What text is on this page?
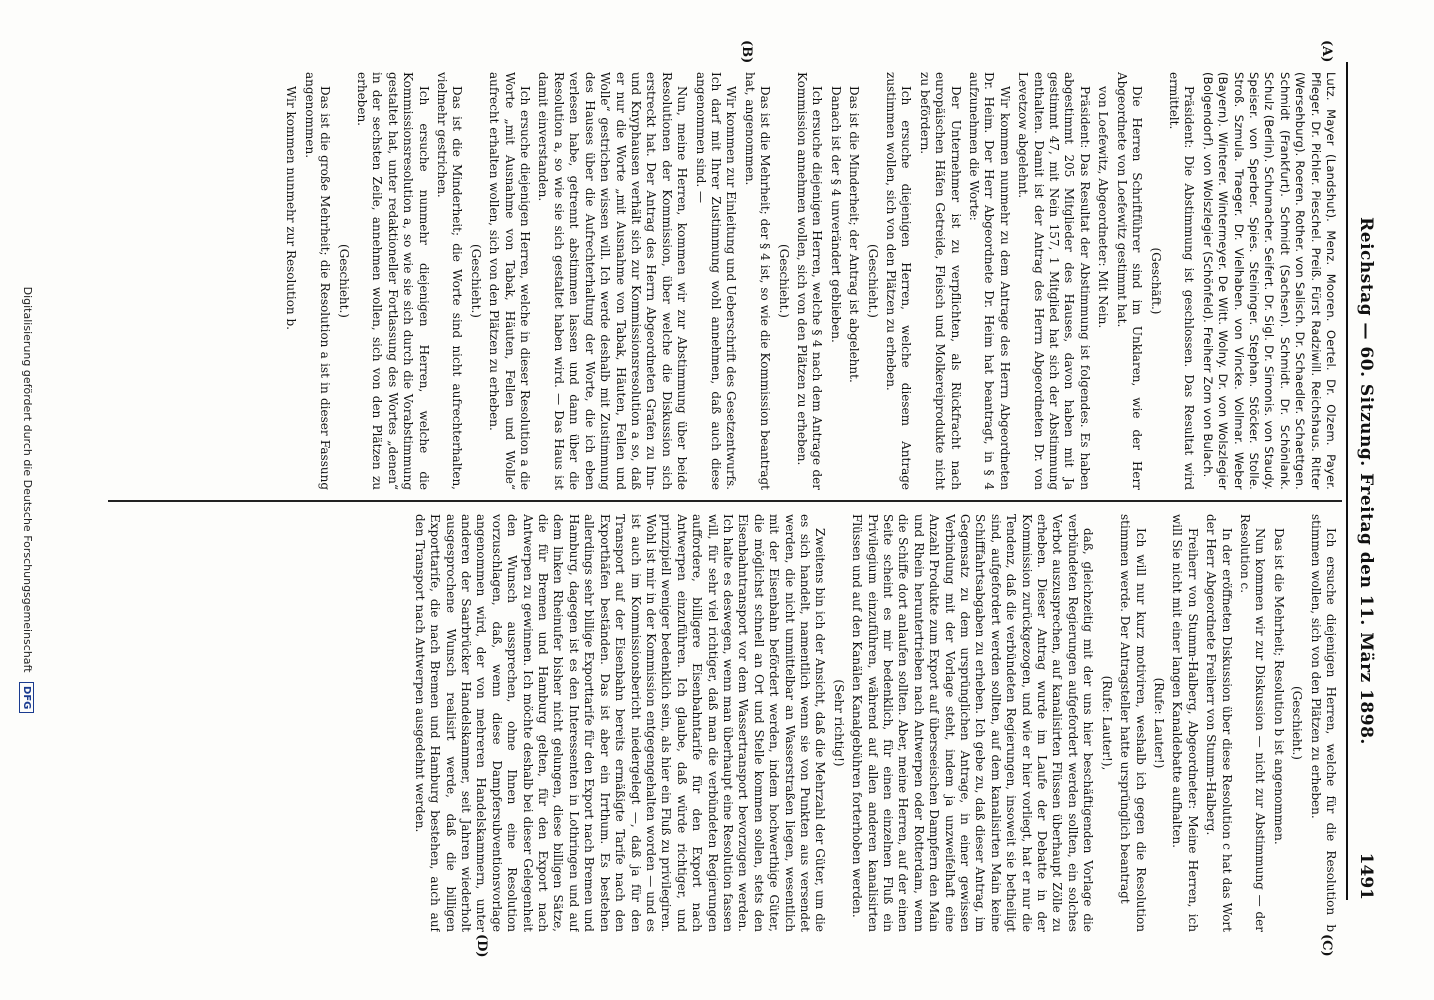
Reichstag — 60. Sitzung. Freitag den 11. März 1898.
1491
(A)
(B)
(C)
(D)

Lutz. Mayer (Landshut). Menz. Mooren. Oertel. Dr. Olzem. Payer. Pfleger. Dr. Pichler. Pieschel. Preiß. Fürst Radziwill. Reichshaus. Ritter (Wersehburg). Roeren. Rother. von Salisch. Dr. Schaedler. Schaettgen. Schmidt (Frankfurt). Schmidt (Sachsen). Schmidt. Dr. Schönlank. Schulz (Berlin). Schumacher. Seifert. Dr. Sigl. Dr. Simonis. von Staudy. Speiser. von Sperber. Spies. Steininger. Stephan. Stöcker. Stolle. Stroß. Szmula. Traeger. Dr. Vielhaben. von Vincke. Vollmar. Weber (Bayern). Winterer. Wintermeyer. De Witt. Wolny. Dr. von Wolszlegier (Bolgendorf). von Wolszlegier (Schönfeld). Freiherr Zorn von Bulach.

Präsident: Die Abstimmung ist geschlossen. Das Resultat wird ermittelt.

(Geschäft.)

Die Herren Schriftführer sind im Unklaren, wie der Herr Abgeordnete von Loefewitz gestimmt hat.

von Loefewitz, Abgeordneter: Mit Nein.

Präsident: Das Resultat der Abstimmung ist folgendes. Es haben abgestimmt 205 Mitglieder des Hauses, davon haben mit Ja gestimmt 47, mit Nein 157, 1 Mitglied hat sich der Abstimmung enthalten. Damit ist der Antrag des Herrn Abgeordneten Dr. von Levetzow abgelehnt.

Wir kommen nunmehr zu dem Antrage des Herrn Abgeordneten Dr. Heim. Der Herr Abgeordnete Dr. Heim hat beantragt, in § 4 aufzunehmen die Worte:

Der Unternehmer ist zu verpflichten, als Rückfracht nach europäischen Häfen Getreide, Fleisch und Molkereiprodukte nicht zu befördern.

Ich ersuche diejenigen Herren, welche diesem Antrage zustimmen wollen, sich von den Plätzen zu erheben.

(Geschieht.)

Das ist die Minderheit; der Antrag ist abgelehnt.

Danach ist der § 4 unverändert geblieben.

Ich ersuche diejenigen Herren, welche § 4 nach dem Antrage der Kommission annehmen wollen, sich von den Plätzen zu erheben.

(Geschieht.)

Das ist die Mehrheit; der § 4 ist, so wie die Kommission beantragt hat, angenommen.

Wir kommen zur Einleitung und Ueberschrift des Gesetzentwurfs. Ich darf mit Ihrer Zustimmung wohl annehmen, daß auch diese angenommen sind. —

Nun, meine Herren, kommen wir zur Abstimmung über beide Resolutionen der Kommission, über welche die Diskussion sich erstreckt hat. Der Antrag des Herrn Abgeordneten Grafen zu Inn- und Knyphausen verhält sich zur Kommissionsresolution a so, daß er nur die Worte „mit Ausnahme von Tabak, Häuten, Fellen und Wolle“ gestrichen wissen will. Ich werde deshalb mit Zustimmung des Hauses über die Aufrechterhaltung der Worte, die ich eben verlesen habe, getrennt abstimmen lassen und dann über die Resolution a, so wie sie sich gestaltet haben wird. — Das Haus ist damit einverstanden.

Ich ersuche diejenigen Herren, welche in dieser Resolution a die Worte „mit Ausnahme von Tabak, Häuten, Fellen und Wolle“ aufrecht erhalten wollen, sich von den Plätzen zu erheben.

(Geschieht.)

Das ist die Minderheit; die Worte sind nicht aufrechterhalten, vielmehr gestrichen.

Ich ersuche nunmehr diejenigen Herren, welche die Kommissionsresolution a, so wie sie sich durch die Vorabstimmung gestaltet hat, unter redaktioneller Fortlassung des Wortes „denen“ in der sechsten Zeile, annehmen wollen, sich von den Plätzen zu erheben.

(Geschieht.)

Das ist die große Mehrheit; die Resolution a ist in dieser Fassung angenommen.

Wir kommen nunmehr zur Resolution b.

Ich ersuche diejenigen Herren, welche für die Resolution b stimmen wollen, sich von den Plätzen zu erheben.

(Geschieht.)

Das ist die Mehrheit; Resolution b ist angenommen.

Nun kommen wir zur Diskussion — nicht zur Abstimmung — der Resolution c.

In der eröffneten Diskussion über diese Resolution c hat das Wort der Herr Abgeordnete Freiherr von Stumm-Halberg.

Freiherr von Stumm-Halberg, Abgeordneter: Meine Herren, ich will Sie nicht mit einer langen Kanaldebatte aufhalten.

(Rufe: Lauter!)

Ich will nur kurz motiviren, weshalb ich gegen die Resolution stimmen werde. Der Antragsteller hatte ursprünglich beantragt

(Rufe: Lauter!),

daß, gleichzeitig mit der uns hier beschäftigenden Vorlage die verbündeten Regierungen aufgefordert werden sollten, ein solches Verbot auszusprechen, auf kanalisirten Flüssen überhaupt Zölle zu erheben. Dieser Antrag wurde im Laufe der Debatte in der Kommission zurückgezogen, und wie er hier vorliegt, hat er nur die Tendenz, daß die verbündeten Regierungen, insoweit sie betheiligt sind, aufgefordert werden sollten, auf dem kanalisirten Main keine Schifffahrtsabgaben zu erheben. Ich gebe zu, daß dieser Antrag, im Gegensatz zu dem ursprünglichen Antrage, in einer gewissen Verbindung mit der Vorlage steht, indem ja unzweifelhaft eine Anzahl Produkte zum Export auf überseeischen Dampfern den Main und Rhein heruntertrieben nach Antwerpen oder Rotterdam, wenn die Schiffe dort anlaufen sollten. Aber, meine Herren, auf der einen Seite scheint es mir bedenklich, für einen einzelnen Fluß ein Privilegium einzuführen, während auf allen anderen kanalisirten Flüssen und auf den Kanälen Kanalgebühren forterhoben werden.

(Sehr richtig!)

Zweitens bin ich der Ansicht, daß die Mehrzahl der Güter, um die es sich handelt, namentlich wenn sie von Punkten aus versendet werden, die nicht unmittelbar an Wasserstraßen liegen, wesentlich mit der Eisenbahn befördert werden, indem hochwerthige Güter, die möglichst schnell an Ort und Stelle kommen sollen, stets den Eisenbahntransport vor dem Wassertransport bevorzugen werden. Ich halte es deswegen, wenn man überhaupt eine Resolution fassen will, für sehr viel richtiger, daß man die verbündeten Regierungen auffordere, billigere Eisenbahntarife für den Export nach Antwerpen einzuführen. Ich glaube, daß würde richtiger, und prinzipiell weniger bedenklich sein, als hier ein Fluß zu privilegiren. Wohl ist mir in der Kommission entgegengehalten worden — und es ist auch im Kommissionsbericht niedergelegt —, daß ja für den Transport auf der Eisenbahn bereits ermäßigte Tarife nach den Exporthäfen beständen. Das ist aber ein Irrthum. Es bestehen allerdings sehr billige Exporttarife für den Export nach Bremen und Hamburg, dagegen ist es den Interessenten in Lothringen und auf dem linken Rheinufer bisher nicht gelungen, diese billigen Sätze, die für Bremen und Hamburg gelten, für den Export nach Antwerpen zu gewinnen. Ich möchte deshalb bei dieser Gelegenheit den Wunsch aussprechen, ohne Ihnen eine Resolution vorzuschlagen, daß, wenn diese Dampfersubventionsvorlage angenommen wird, der von mehreren Handelskammern, unter anderen der Saarbrücker Handelskammer, seit Jahren wiederholt ausgesprochene Wunsch realisirt werde, daß die billigen Exporttarife, die nach Bremen und Hamburg bestehen, auch auf den Transport nach Antwerpen ausgedehnt werden.

Digitalisierung gefördert durch die Deutsche Forschungsgemeinschaft DFG
